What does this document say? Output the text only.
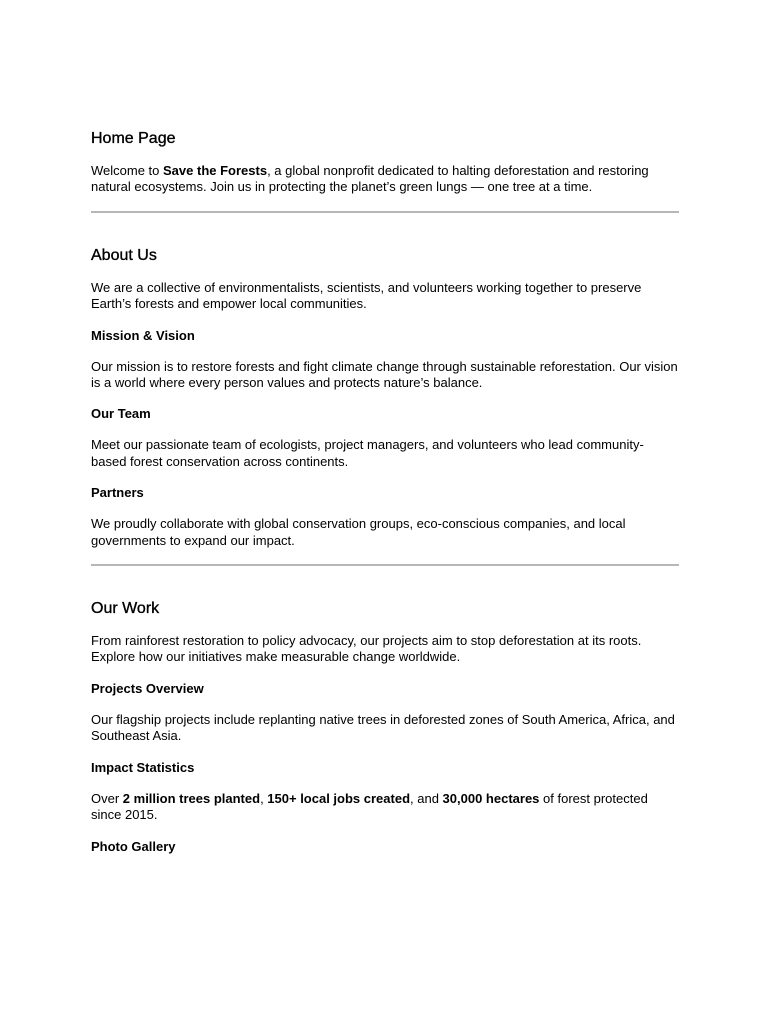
Home Page

Welcome to Save the Forests, a global nonprofit dedicated to halting deforestation and restoring natural ecosystems. Join us in protecting the planet’s green lungs — one tree at a time.

About Us

We are a collective of environmentalists, scientists, and volunteers working together to preserve Earth’s forests and empower local communities.

Mission & Vision

Our mission is to restore forests and fight climate change through sustainable reforestation. Our vision is a world where every person values and protects nature’s balance.

Our Team

Meet our passionate team of ecologists, project managers, and volunteers who lead community-based forest conservation across continents.

Partners

We proudly collaborate with global conservation groups, eco-conscious companies, and local governments to expand our impact.

Our Work

From rainforest restoration to policy advocacy, our projects aim to stop deforestation at its roots. Explore how our initiatives make measurable change worldwide.

Projects Overview

Our flagship projects include replanting native trees in deforested zones of South America, Africa, and Southeast Asia.

Impact Statistics

Over 2 million trees planted, 150+ local jobs created, and 30,000 hectares of forest protected since 2015.

Photo Gallery
